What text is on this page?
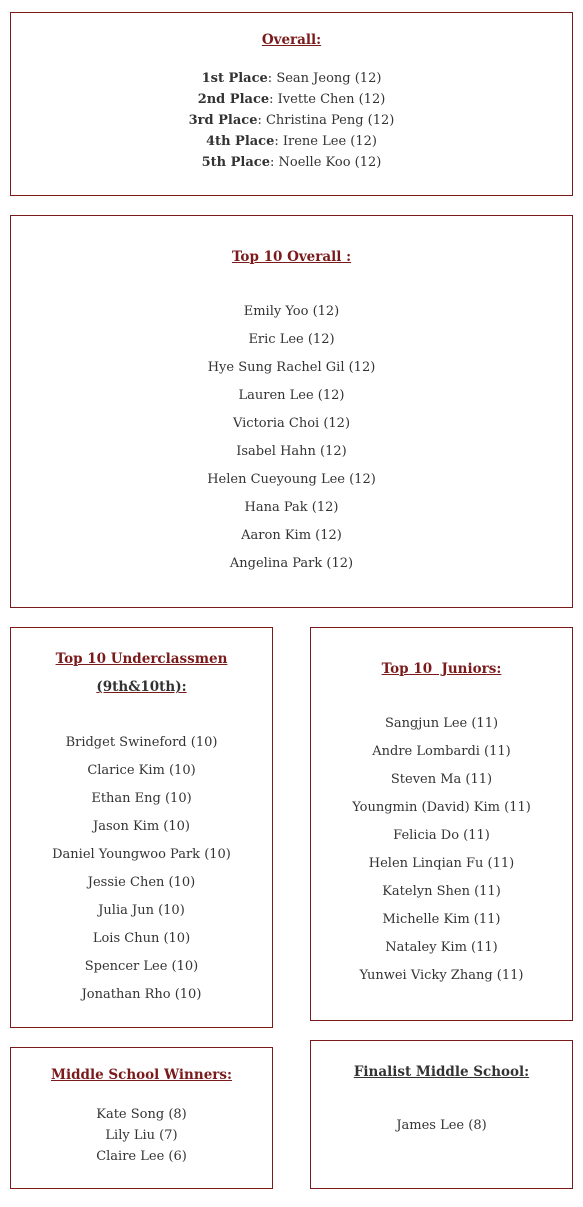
Overall:
1st Place: Sean Jeong (12)
2nd Place: Ivette Chen (12)
3rd Place: Christina Peng (12)
4th Place: Irene Lee (12)
5th Place: Noelle Koo (12)
Top 10 Overall :
Emily Yoo (12)
Eric Lee (12)
Hye Sung Rachel Gil (12)
Lauren Lee (12)
Victoria Choi (12)
Isabel Hahn (12)
Helen Cueyoung Lee (12)
Hana Pak (12)
Aaron Kim (12)
Angelina Park (12)
Top 10 Underclassmen
(9th&10th):
Bridget Swineford (10)
Clarice Kim (10)
Ethan Eng (10)
Jason Kim (10)
Daniel Youngwoo Park (10)
Jessie Chen (10)
Julia Jun (10)
Lois Chun (10)
Spencer Lee (10)
Jonathan Rho (10)
Top 10  Juniors:
Sangjun Lee (11)
Andre Lombardi (11)
Steven Ma (11)
Youngmin (David) Kim (11)
Felicia Do (11)
Helen Linqian Fu (11)
Katelyn Shen (11)
Michelle Kim (11)
Nataley Kim (11)
Yunwei Vicky Zhang (11)
Middle School Winners:
Kate Song (8)
Lily Liu (7)
Claire Lee (6)
Finalist Middle School:
James Lee (8)
